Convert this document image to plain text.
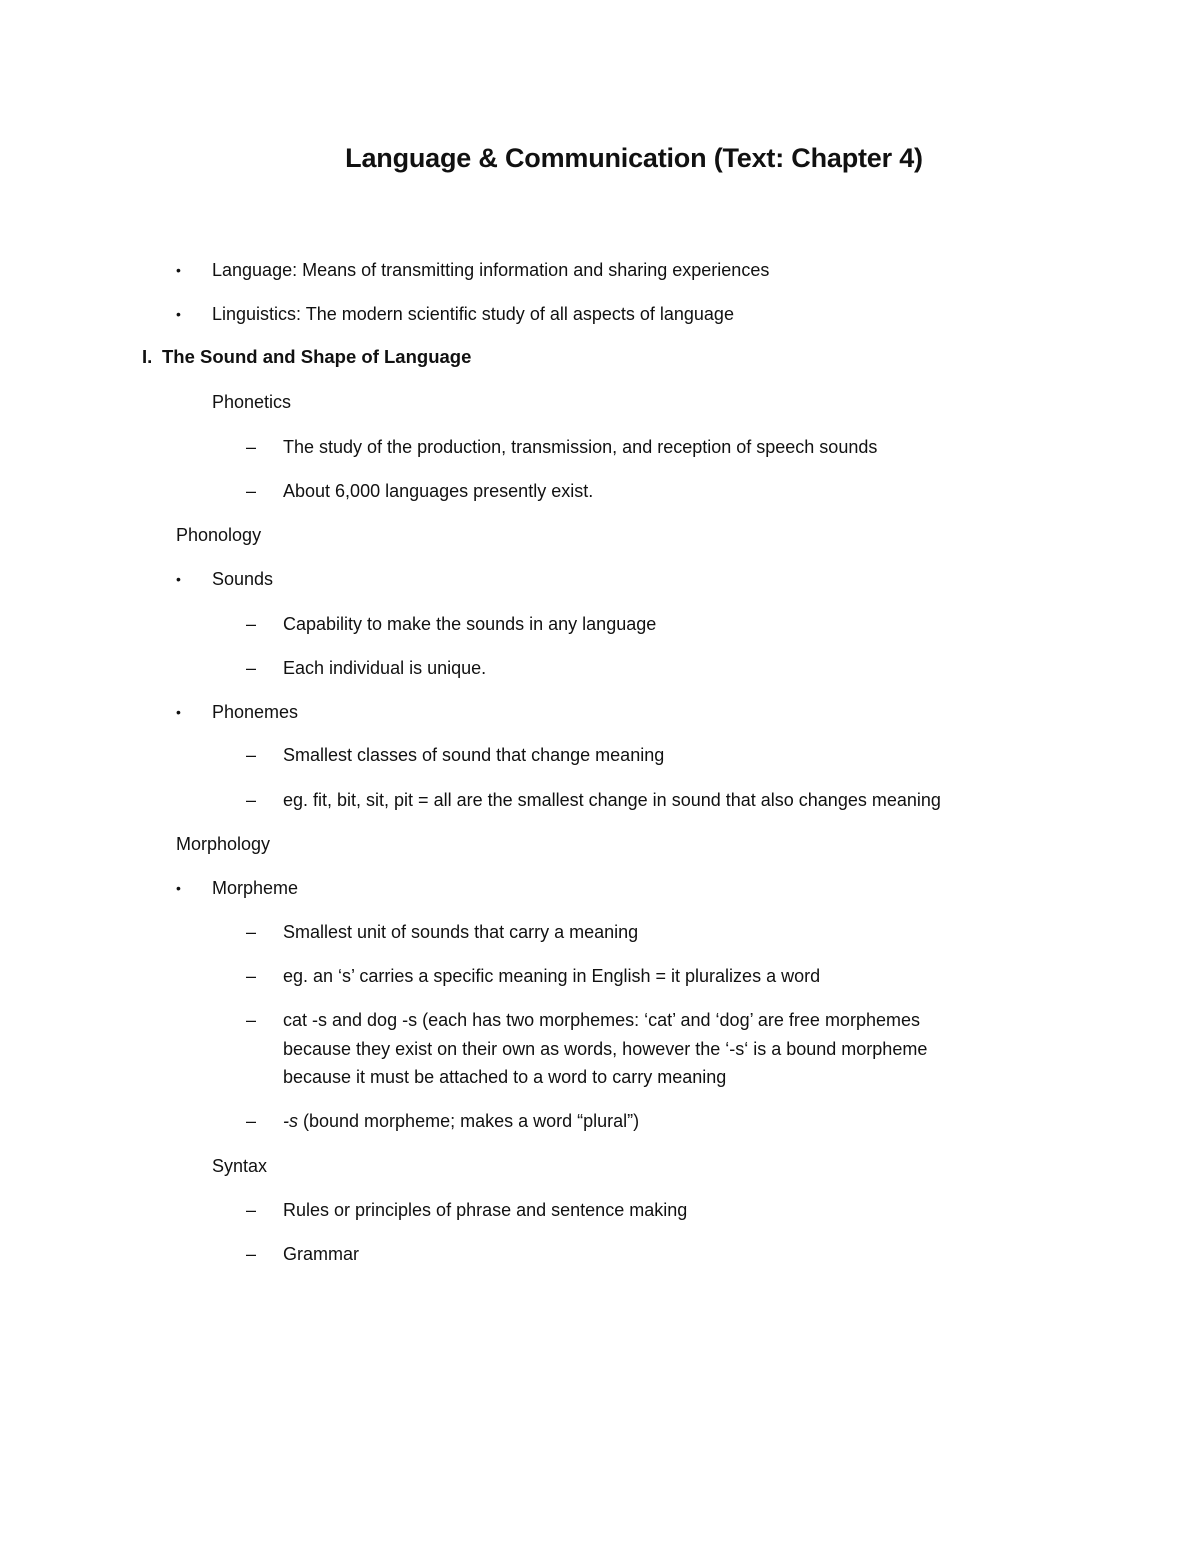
Language & Communication (Text: Chapter 4)
• Language: Means of transmitting information and sharing experiences
• Linguistics: The modern scientific study of all aspects of language
I. The Sound and Shape of Language
Phonetics
– The study of the production, transmission, and reception of speech sounds
– About 6,000 languages presently exist.
Phonology
• Sounds
– Capability to make the sounds in any language
– Each individual is unique.
• Phonemes
– Smallest classes of sound that change meaning
– eg. fit, bit, sit, pit = all are the smallest change in sound that also changes meaning
Morphology
• Morpheme
– Smallest unit of sounds that carry a meaning
– eg. an ‘s’ carries a specific meaning in English = it pluralizes a word
– cat -s and dog -s (each has two morphemes: ‘cat’ and ‘dog’ are free morphemes
because they exist on their own as words, however the ‘-s‘ is a bound morpheme
because it must be attached to a word to carry meaning
– -s (bound morpheme; makes a word “plural”)
Syntax
– Rules or principles of phrase and sentence making
– Grammar
